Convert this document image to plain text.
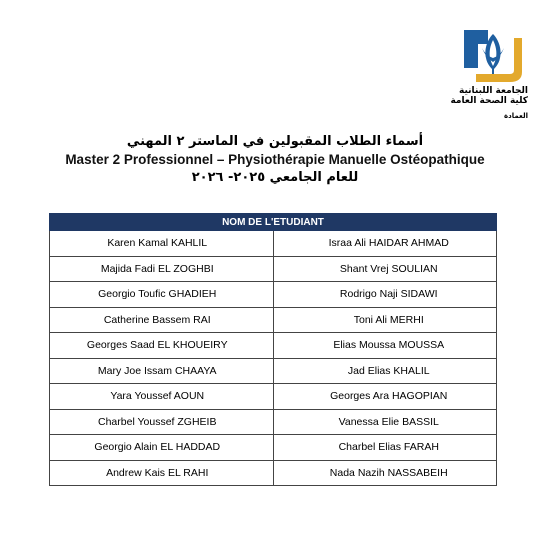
الجامعة اللبنانية
كلية الصحة العامة
العمادة
أسماء الطلاب المقبولين في الماستر ٢ المهني
Master 2 Professionnel – Physiothérapie Manuelle Ostéopathique
للعام الجامعي ٢٠٢٥- ٢٠٢٦
NOM DE L'ETUDIANT	
Karen Kamal KAHLIL	Israa Ali HAIDAR AHMAD
Majida Fadi EL ZOGHBI	Shant Vrej SOULIAN
Georgio Toufic GHADIEH	Rodrigo Naji SIDAWI
Catherine Bassem RAI	Toni Ali MERHI
Georges Saad EL KHOUEIRY	Elias Moussa MOUSSA
Mary Joe Issam CHAAYA	Jad Elias KHALIL
Yara Youssef AOUN	Georges Ara HAGOPIAN
Charbel Youssef ZGHEIB	Vanessa Elie BASSIL
Georgio Alain EL HADDAD	Charbel Elias FARAH
Andrew Kais EL RAHI	Nada Nazih NASSABEIH
